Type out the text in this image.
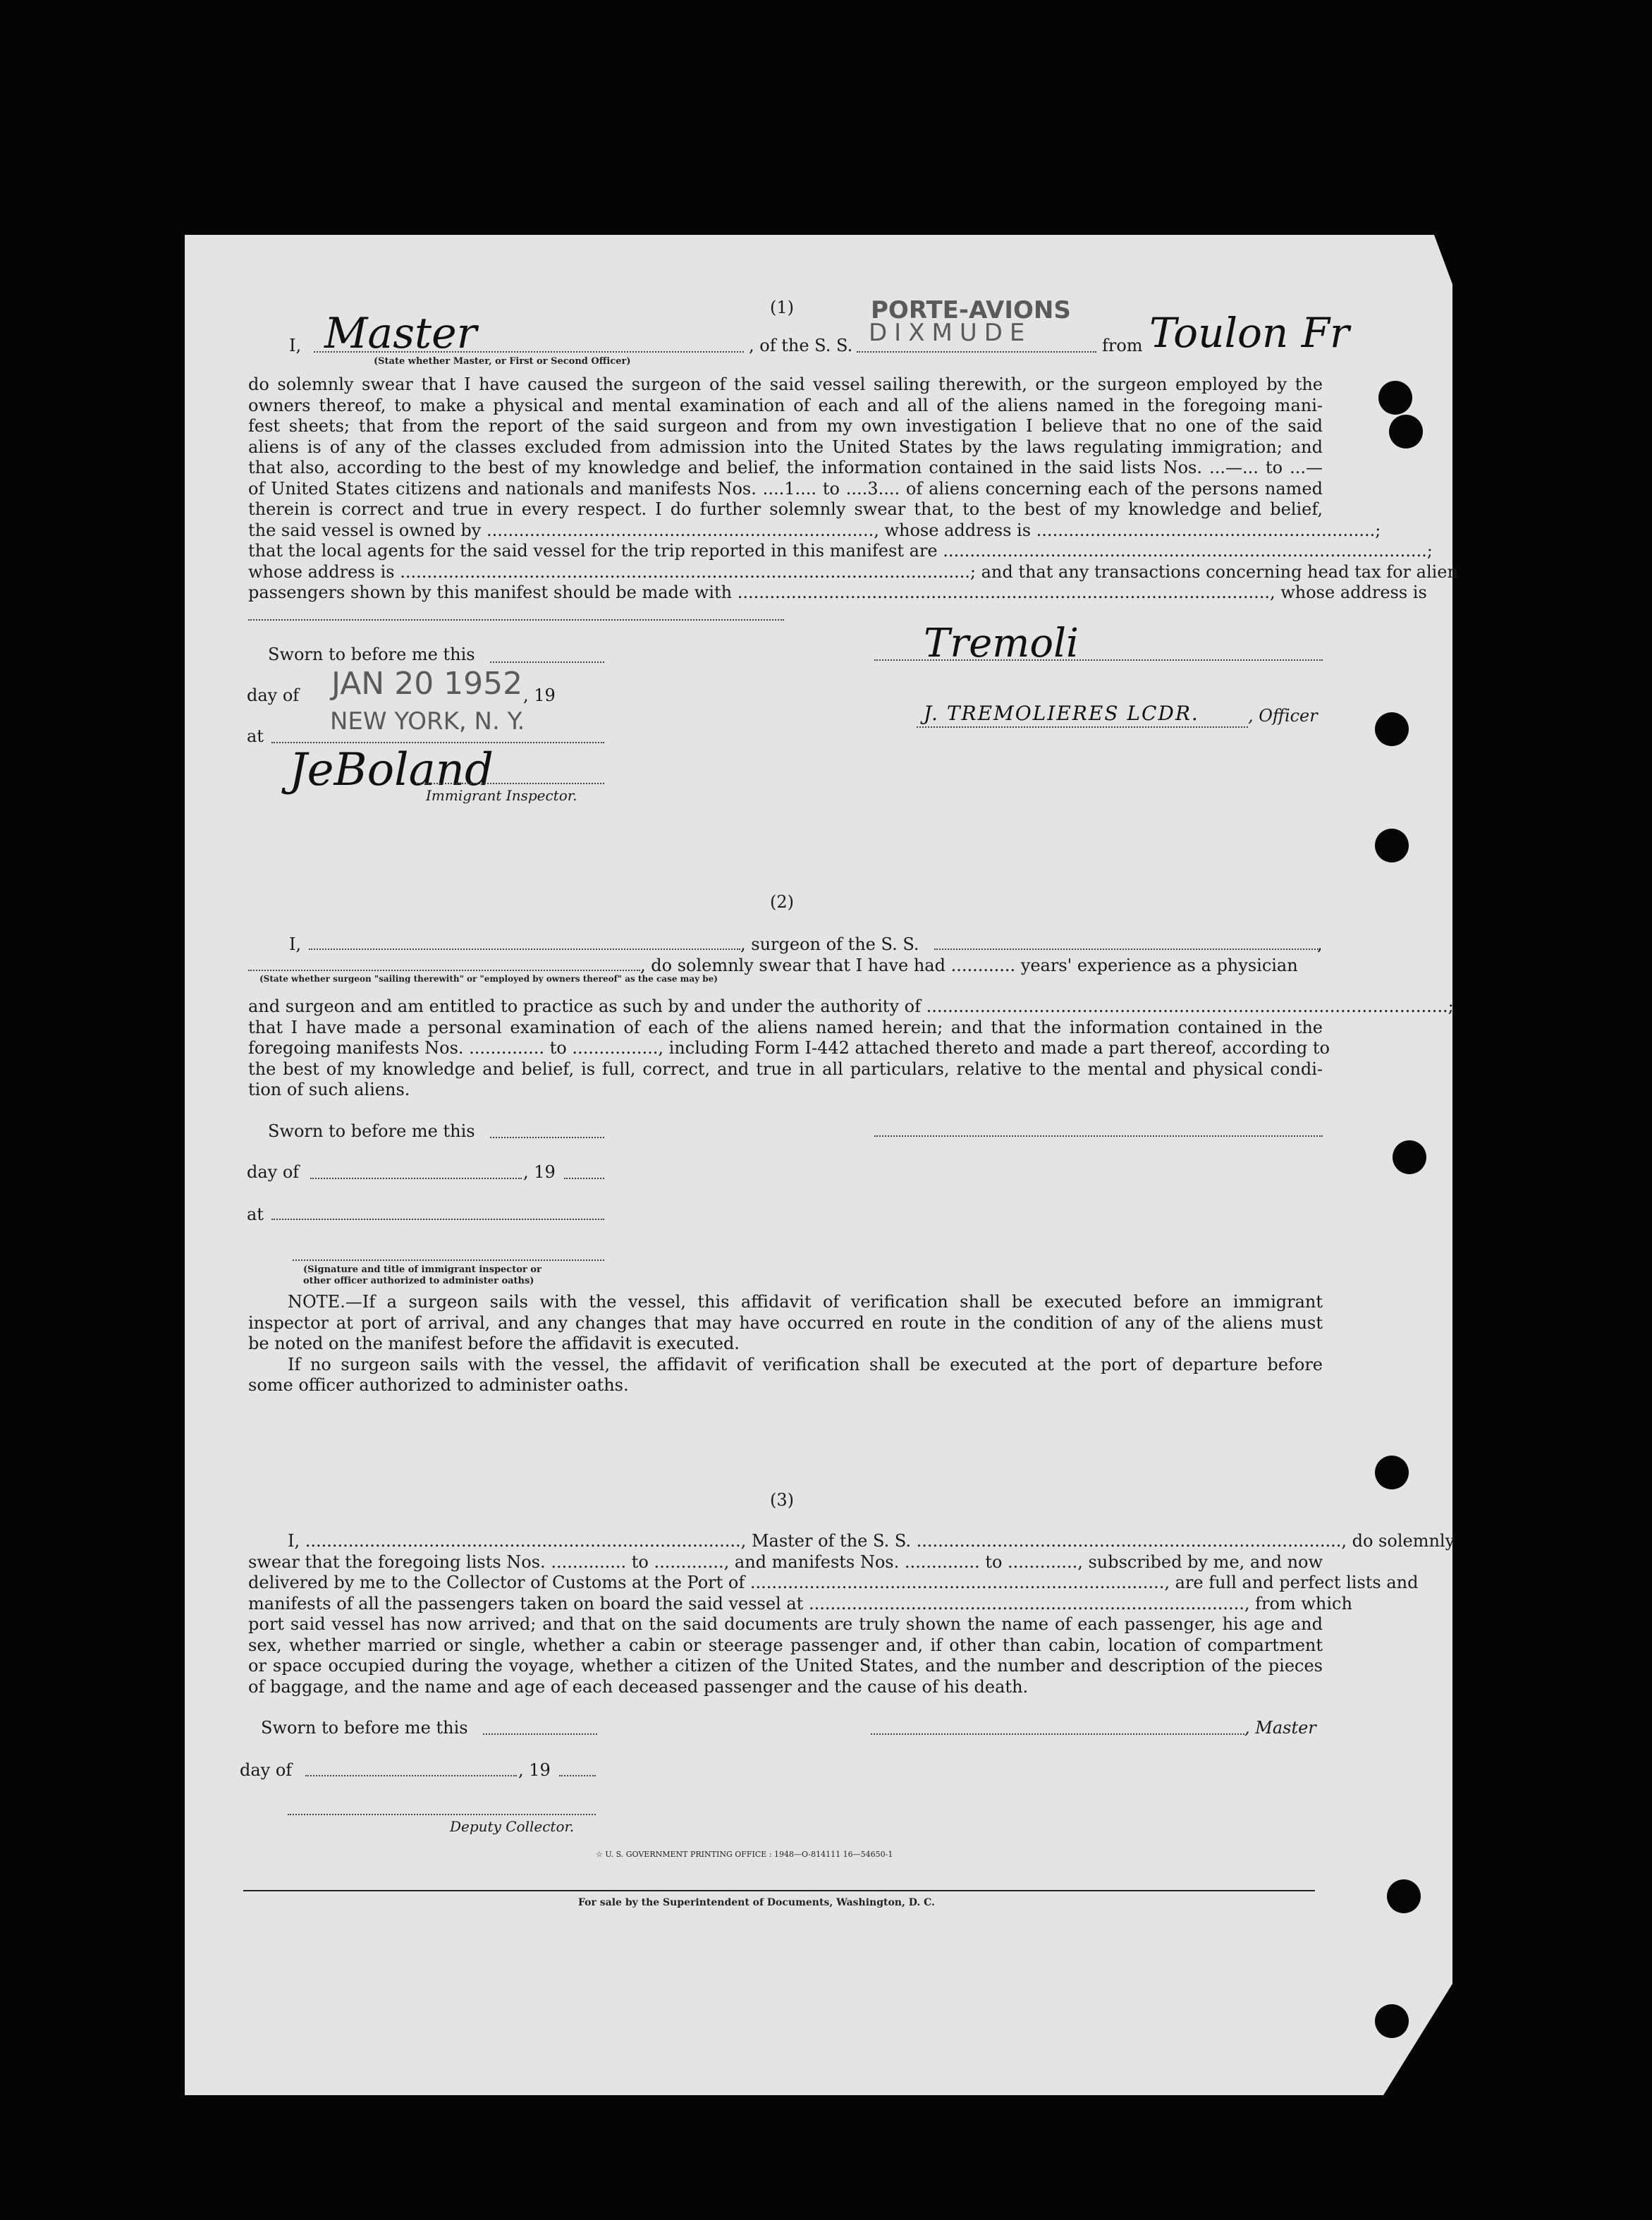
(1)
I, Master
(State whether Master, or First or Second Officer)
, of the S. S.
PORTE-AVIONS
DIXMUDE	from Toulon Fr
do solemnly swear that I have caused the surgeon of the said vessel sailing therewith, or the surgeon employed by the
owners thereof, to make a physical and mental examination of each and all of the aliens named in the foregoing mani-
fest sheets; that from the report of the said surgeon and from my own investigation I believe that no one of the said
aliens is of any of the classes excluded from admission into the United States by the laws regulating immigration; and
that also, according to the best of my knowledge and belief, the information contained in the said lists Nos. ...—... to ...—
of United States citizens and nationals and manifests Nos. ....1.... to ....3.... of aliens concerning each of the persons named
therein is correct and true in every respect. I do further solemnly swear that, to the best of my knowledge and belief,
the said vessel is owned by ........................................................................, whose address is ...............................................................;
that the local agents for the said vessel for the trip reported in this manifest are ..........................................................................................;
whose address is ..........................................................................................................; and that any transactions concerning head tax for alien
passengers shown by this manifest should be made with ..................................................................................................., whose address is
Sworn to before me this
day of JAN 20 1952 , 19
at
NEW YORK, N. Y.
JeBoland
Immigrant Inspector.
Tremoli
J. TREMOLIERES LCDR.	, Officer
(2)
I,	, surgeon of the S. S.	,
, do solemnly swear that I have had ............ years' experience as a physician
(State whether surgeon "sailing therewith" or "employed by owners thereof" as the case may be)
and surgeon and am entitled to practice as such by and under the authority of .................................................................................................;
that I have made a personal examination of each of the aliens named herein; and that the information contained in the
foregoing manifests Nos. .............. to ................, including Form I-442 attached thereto and made a part thereof, according to
the best of my knowledge and belief, is full, correct, and true in all particulars, relative to the mental and physical condi-
tion of such aliens.
Sworn to before me this
day of	, 19
at
(Signature and title of immigrant inspector or
other officer authorized to administer oaths)
NOTE.—If a surgeon sails with the vessel, this affidavit of verification shall be executed before an immigrant
inspector at port of arrival, and any changes that may have occurred en route in the condition of any of the aliens must
be noted on the manifest before the affidavit is executed.
If no surgeon sails with the vessel, the affidavit of verification shall be executed at the port of departure before
some officer authorized to administer oaths.
(3)
I, ................................................................................., Master of the S. S. ..............................................................................., do solemnly
swear that the foregoing lists Nos. .............. to ............., and manifests Nos. .............. to ............., subscribed by me, and now
delivered by me to the Collector of Customs at the Port of ............................................................................., are full and perfect lists and
manifests of all the passengers taken on board the said vessel at ................................................................................., from which
port said vessel has now arrived; and that on the said documents are truly shown the name of each passenger, his age and
sex, whether married or single, whether a cabin or steerage passenger and, if other than cabin, location of compartment
or space occupied during the voyage, whether a citizen of the United States, and the number and description of the pieces
of baggage, and the name and age of each deceased passenger and the cause of his death.
Sworn to before me this	, Master
day of	, 19
Deputy Collector.
☆ U. S. GOVERNMENT PRINTING OFFICE : 1948—O-814111 16—54650-1
For sale by the Superintendent of Documents, Washington, D. C.
